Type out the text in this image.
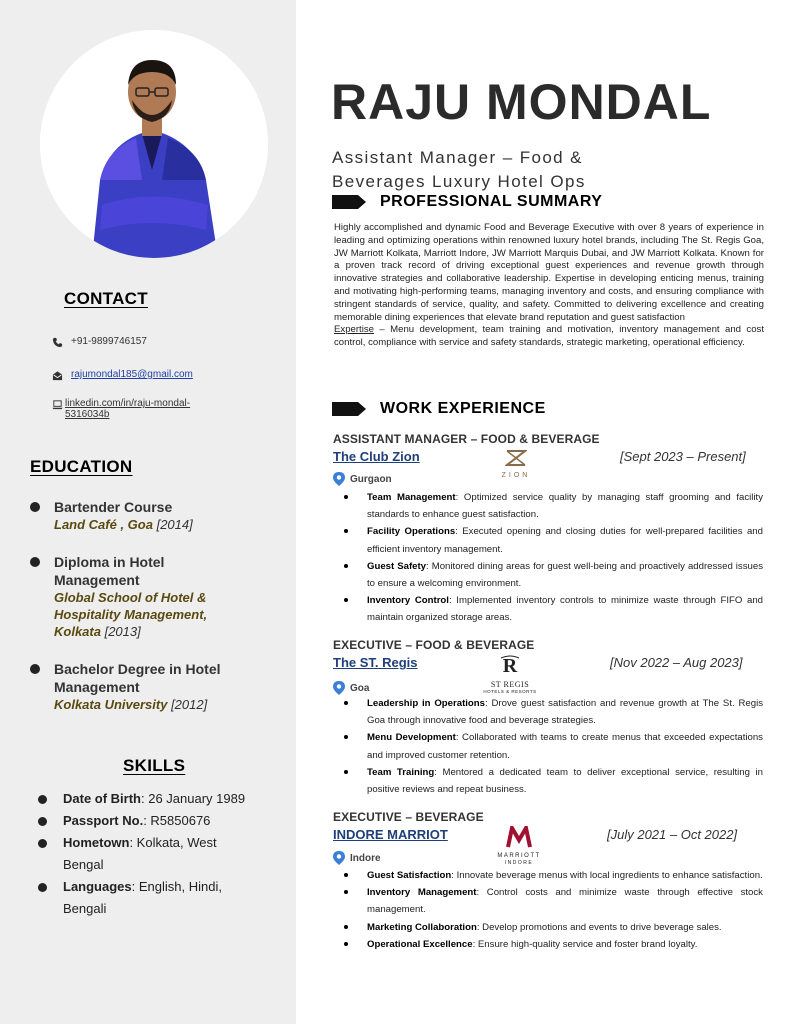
CONTACT
+91-9899746157
rajumondal185@gmail.com
linkedin.com/in/raju-mondal-5316034b
EDUCATION
Bartender Course
Land Café , Goa [2014]
Diploma in Hotel Management
Global School of Hotel & Hospitality Management, Kolkata [2013]
Bachelor Degree in Hotel Management
Kolkata University [2012]
SKILLS
Date of Birth: 26 January 1989
Passport No.: R5850676
Hometown: Kolkata, West Bengal
Languages: English, Hindi, Bengali
RAJU MONDAL
Assistant Manager – Food & Beverages Luxury Hotel Ops
PROFESSIONAL SUMMARY
Highly accomplished and dynamic Food and Beverage Executive with over 8 years of experience in leading and optimizing operations within renowned luxury hotel brands, including The St. Regis Goa, JW Marriott Kolkata, Marriott Indore, JW Marriott Marquis Dubai, and JW Marriott Kolkata. Known for a proven track record of driving exceptional guest experiences and revenue growth through innovative strategies and collaborative leadership. Expertise in developing enticing menus, training and motivating high-performing teams, managing inventory and costs, and ensuring compliance with stringent standards of service, quality, and safety. Committed to delivering excellence and creating memorable dining experiences that elevate brand reputation and guest satisfaction
Expertise – Menu development, team training and motivation, inventory management and cost control, compliance with service and safety standards, strategic marketing, operational efficiency.
WORK EXPERIENCE
ASSISTANT MANAGER – FOOD & BEVERAGE
The Club Zion	[Sept 2023 – Present]
ZION
Gurgaon
Team Management: Optimized service quality by managing staff grooming and facility standards to enhance guest satisfaction.
Facility Operations: Executed opening and closing duties for well-prepared facilities and efficient inventory management.
Guest Safety: Monitored dining areas for guest well-being and proactively addressed issues to ensure a welcoming environment.
Inventory Control: Implemented inventory controls to minimize waste through FIFO and maintain organized storage areas.
EXECUTIVE – FOOD & BEVERAGE
The ST. Regis	[Nov 2022 – Aug 2023]
R
ST REGIS
HOTELS & RESORTS
Goa
Leadership in Operations: Drove guest satisfaction and revenue growth at The St. Regis Goa through innovative food and beverage strategies.
Menu Development: Collaborated with teams to create menus that exceeded expectations and improved customer retention.
Team Training: Mentored a dedicated team to deliver exceptional service, resulting in positive reviews and repeat business.
EXECUTIVE – BEVERAGE
INDORE MARRIOT	[July 2021 – Oct 2022]
MARRIOTT
INDORE
Indore
Guest Satisfaction: Innovate beverage menus with local ingredients to enhance satisfaction.
Inventory Management: Control costs and minimize waste through effective stock management.
Marketing Collaboration: Develop promotions and events to drive beverage sales.
Operational Excellence: Ensure high-quality service and foster brand loyalty.
